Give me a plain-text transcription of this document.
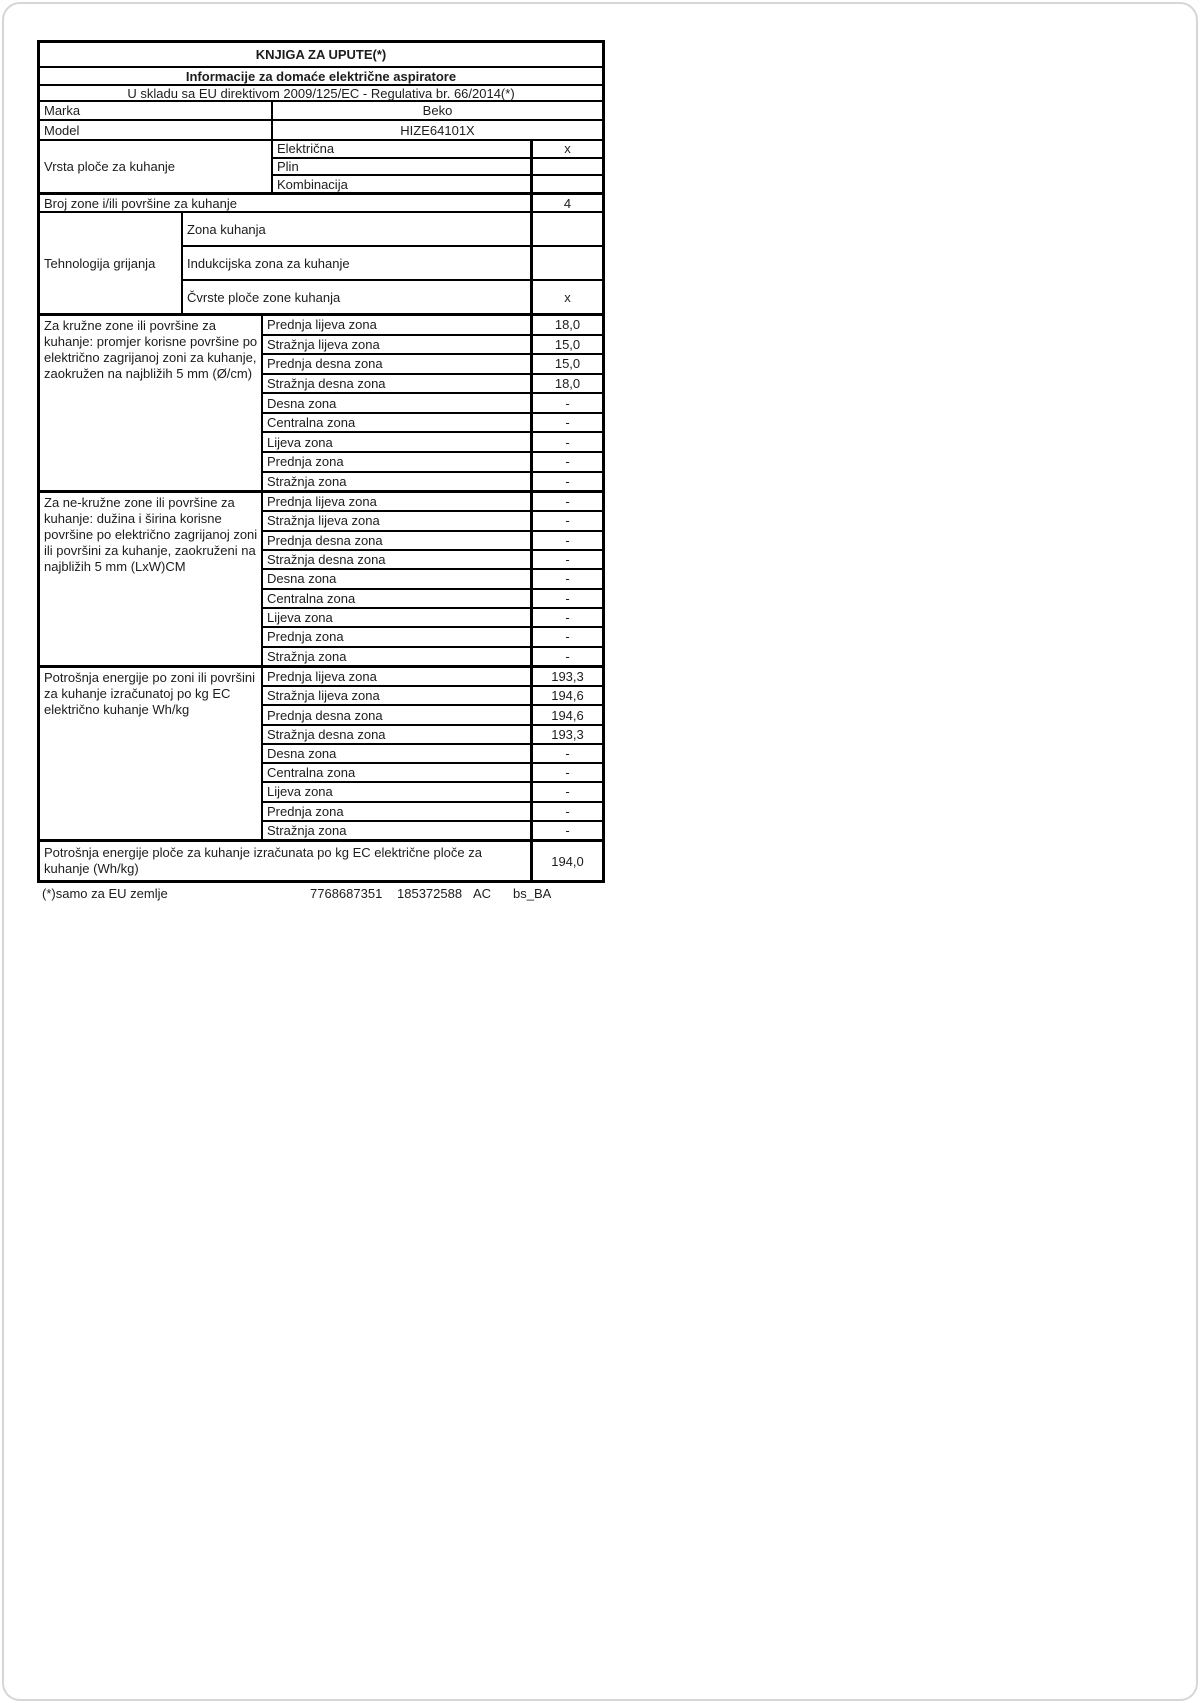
KNJIGA ZA UPUTE(*)
Informacije za domaće električne aspiratore
U skladu sa EU direktivom 2009/125/EC - Regulativa br. 66/2014(*)
Marka	Beko
Model	HIZE64101X
Vrsta ploče za kuhanje
Električna	x
Plin
Kombinacija
Broj zone i/ili površine za kuhanje	4
Tehnologija grijanja
Zona kuhanja
Indukcijska zona za kuhanje
Čvrste ploče zone kuhanja	x
Za kružne zone ili površine za kuhanje: promjer korisne površine po električno zagrijanoj zoni za kuhanje, zaokružen na najbližih 5 mm (Ø/cm)
Prednja lijeva zona	18,0
Stražnja lijeva zona	15,0
Prednja desna zona	15,0
Stražnja desna zona	18,0
Desna zona	-
Centralna zona	-
Lijeva zona	-
Prednja zona	-
Stražnja zona	-
Za ne-kružne zone ili površine za kuhanje: dužina i širina korisne površine po električno zagrijanoj zoni ili površini za kuhanje, zaokruženi na najbližih 5 mm (LxW)CM
Prednja lijeva zona	-
Stražnja lijeva zona	-
Prednja desna zona	-
Stražnja desna zona	-
Desna zona	-
Centralna zona	-
Lijeva zona	-
Prednja zona	-
Stražnja zona	-
Potrošnja energije po zoni ili površini za kuhanje izračunatoj po kg EC električno kuhanje Wh/kg
Prednja lijeva zona	193,3
Stražnja lijeva zona	194,6
Prednja desna zona	194,6
Stražnja desna zona	193,3
Desna zona	-
Centralna zona	-
Lijeva zona	-
Prednja zona	-
Stražnja zona	-
Potrošnja energije ploče za kuhanje izračunata po kg EC električne ploče za kuhanje (Wh/kg)	194,0
(*)samo za EU zemlje	7768687351 185372588 AC bs_BA
